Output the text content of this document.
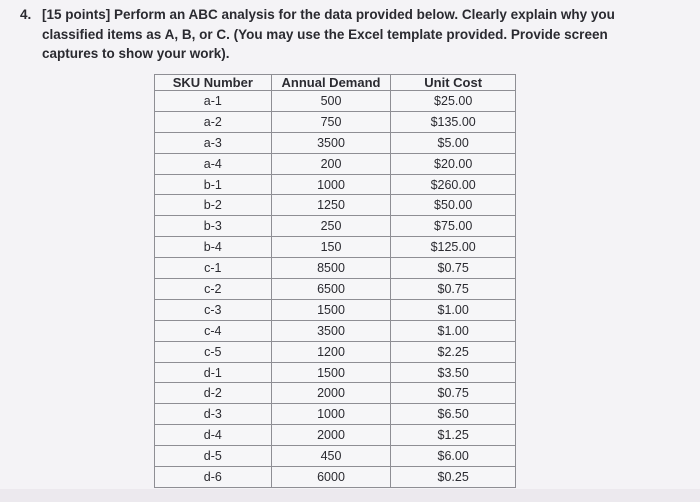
4. [15 points] Perform an ABC analysis for the data provided below. Clearly explain why you classified items as A, B, or C. (You may use the Excel template provided. Provide screen captures to show your work).
SKU Number	Annual Demand	Unit Cost
a-1	500	$25.00
a-2	750	$135.00
a-3	3500	$5.00
a-4	200	$20.00
b-1	1000	$260.00
b-2	1250	$50.00
b-3	250	$75.00
b-4	150	$125.00
c-1	8500	$0.75
c-2	6500	$0.75
c-3	1500	$1.00
c-4	3500	$1.00
c-5	1200	$2.25
d-1	1500	$3.50
d-2	2000	$0.75
d-3	1000	$6.50
d-4	2000	$1.25
d-5	450	$6.00
d-6	6000	$0.25
